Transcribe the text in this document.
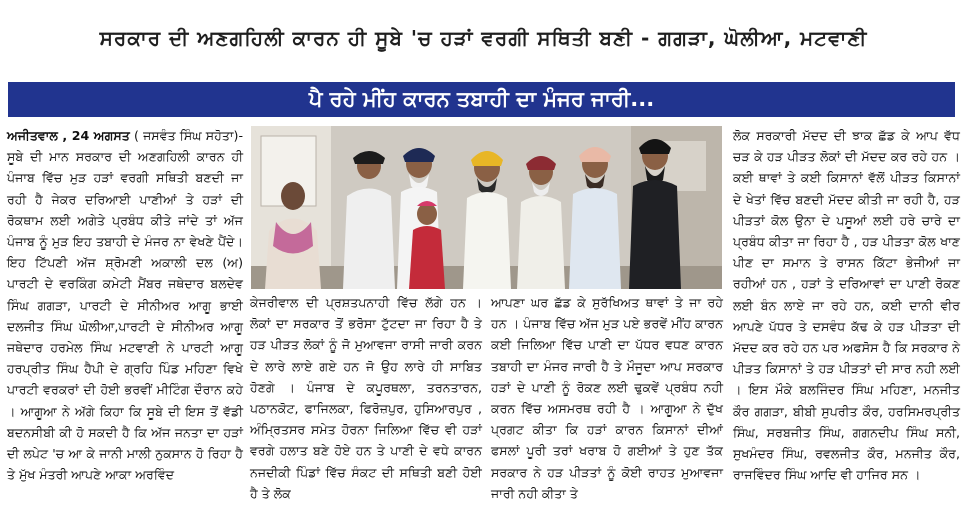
ਸਰਕਾਰ ਦੀ ਅਣਗਹਿਲੀ ਕਾਰਨ ਹੀ ਸੂਬੇ 'ਚ ਹੜਾਂ ਵਰਗੀ ਸਥਿਤੀ ਬਣੀ - ਗਗੜਾ, ਘੋਲੀਆ, ਮਟਵਾਣੀ
ਪੈ ਰਹੇ ਮੀਂਹ ਕਾਰਨ ਤਬਾਹੀ ਦਾ ਮੰਜਰ ਜਾਰੀ...

ਅਜੀਤਵਾਲ , 24 ਅਗਸਤ ( ਜਸਵੰਤ ਸਿੰਘ ਸਹੋਤਾ)- ਸੂਬੇ ਦੀ ਮਾਨ ਸਰਕਾਰ ਦੀ ਅਣਗਹਿਲੀ ਕਾਰਨ ਹੀ ਪੰਜਾਬ ਵਿੱਚ ਮੁੜ ਹੜਾਂ ਵਰਗੀ ਸਥਿਤੀ ਬਣਦੀ ਜਾ ਰਹੀ ਹੈ ਜੇਕਰ ਦਰਿਆਈ ਪਾਣੀਆਂ ਤੇ ਹੜਾਂ ਦੀ ਰੋਕਥਾਮ ਲਈ ਅਗੇਤੇ ਪ੍ਰਬੰਧ ਕੀਤੇ ਜਾਂਦੇ ਤਾਂ ਅੱਜ ਪੰਜਾਬ ਨੂੰ ਮੁੜ ਇਹ ਤਬਾਹੀ ਦੇ ਮੰਜਰ ਨਾ ਵੇਖਣੇ ਪੈਂਦੇ। ਇਹ ਟਿੱਪਣੀ ਅੱਜ ਸ਼੍ਰੋਮਣੀ ਅਕਾਲੀ ਦਲ (ਅ) ਪਾਰਟੀ ਦੇ ਵਰਕਿੰਗ ਕਮੇਟੀ ਮੈਂਬਰ ਜਥੇਦਾਰ ਬਲਦੇਵ ਸਿੰਘ ਗਗੜਾ, ਪਾਰਟੀ ਦੇ ਸੀਨੀਅਰ ਆਗੂ ਭਾਈ ਦਲਜੀਤ ਸਿੰਘ ਘੋਲੀਆ,ਪਾਰਟੀ ਦੇ ਸੀਨੀਅਰ ਆਗੂ ਜਥੇਦਾਰ ਹਰਮੇਲ ਸਿੰਘ ਮਟਵਾਣੀ ਨੇ ਪਾਰਟੀ ਆਗੂ ਹਰਪ੍ਰੀਤ ਸਿੰਘ ਹੈਪੀ ਦੇ ਗ੍ਰਹਿ ਪਿੰਡ ਮਹਿਣਾ ਵਿਖੇ ਪਾਰਟੀ ਵਰਕਰਾਂ ਦੀ ਹੋਈ ਭਰਵੀਂ ਮੀਟਿੰਗ ਦੌਰਾਨ ਕਹੇ । ਆਗੂਆ ਨੇ ਅੱਗੇ ਕਿਹਾ ਕਿ ਸੂਬੇ ਦੀ ਇਸ ਤੋਂ ਵੱਡੀ ਬਦਨਸੀਬੀ ਕੀ ਹੋ ਸਕਦੀ ਹੈ ਕਿ ਅੱਜ ਜਨਤਾ ਦਾ ਹੜਾਂ ਦੀ ਲਪੇਟ 'ਚ ਆ ਕੇ ਜਾਨੀ ਮਾਲੀ ਨੁਕਸਾਨ ਹੋ ਰਿਹਾ ਹੈ ਤੇ ਮੁੱਖ ਮੰਤਰੀ ਆਪਣੇ ਆਕਾ ਅਰਵਿੰਦ

ਕੇਜਰੀਵਾਲ ਦੀ ਪ੍ਰਸ਼ਤਪਨਾਹੀ ਵਿੱਚ ਲੱਗੇ ਹਨ । ਲੋਕਾਂ ਦਾ ਸਰਕਾਰ ਤੋਂ ਭਰੋਸਾ ਟੁੱਟਦਾ ਜਾ ਰਿਹਾ ਹੈ ਤੇ ਹੜ ਪੀੜਤ ਲੋਕਾਂ ਨੂੰ ਜੋ ਮੁਆਵਜਾ ਰਾਸੀ ਜਾਰੀ ਕਰਨ ਦੇ ਲਾਰੇ ਲਾਏ ਗਏ ਹਨ ਜੋ ਉਹ ਲਾਰੇ ਹੀ ਸਾਬਿਤ ਹੋਣਗੇ । ਪੰਜਾਬ ਦੇ ਕਪੂਰਥਲਾ, ਤਰਨਤਾਰਨ, ਪਠਾਨਕੋਟ, ਫਾਜਿਲਕਾ, ਫਿਰੋਜ਼ਪੁਰ, ਹੁਸਿਆਰਪੁਰ , ਅੰਮ੍ਰਿਤਸਰ ਸਮੇਤ ਹੋਰਨਾ ਜਿਲਿਆ ਵਿੱਚ ਵੀ ਹੜਾਂ ਵਰਗੇ ਹਲਾਤ ਬਣੇ ਹੋਏ ਹਨ ਤੇ ਪਾਣੀ ਦੇ ਵਧੇ ਕਾਰਨ ਨਜਦੀਕੀ ਪਿੰਡਾਂ ਵਿੱਚ ਸੰਕਟ ਦੀ ਸਥਿਤੀ ਬਣੀ ਹੋਈ ਹੈ ਤੇ ਲੋਕ

ਆਪਣਾ ਘਰ ਛੱਡ ਕੇ ਸੁਰੱਖਿਅਤ ਥਾਵਾਂ ਤੇ ਜਾ ਰਹੇ ਹਨ । ਪੰਜਾਬ ਵਿੱਚ ਅੱਜ ਮੁੜ ਪਏ ਭਰਵੇਂ ਮੀਂਹ ਕਾਰਨ ਕਈ ਜਿਲਿਆ ਵਿੱਚ ਪਾਣੀ ਦਾ ਪੱਧਰ ਵਧਣ ਕਾਰਨ ਤਬਾਹੀ ਦਾ ਮੰਜਰ ਜਾਰੀ ਹੈ ਤੇ ਮੌਜੂਦਾ ਆਪ ਸਰਕਾਰ ਹੜਾਂ ਦੇ ਪਾਣੀ ਨੂੰ ਰੋਕਣ ਲਈ ਢੁਕਵੇਂ ਪ੍ਰਬੰਧ ਨਹੀ ਕਰਨ ਵਿੱਚ ਅਸਮਰਥ ਰਹੀ ਹੈ । ਆਗੂਆ ਨੇ ਦੁੱਖ ਪ੍ਰਗਟ ਕੀਤਾ ਕਿ ਹੜਾਂ ਕਾਰਨ ਕਿਸਾਨਾਂ ਦੀਆਂ ਫਸਲਾਂ ਪੂਰੀ ਤਰਾਂ ਖਰਾਬ ਹੋ ਗਈਆਂ ਤੇ ਹੁਣ ਤੱਕ ਸਰਕਾਰ ਨੇ ਹੜ ਪੀੜਤਾਂ ਨੂੰ ਕੋਈ ਰਾਹਤ ਮੁਆਵਜਾ ਜਾਰੀ ਨਹੀ ਕੀਤਾ ਤੇ

ਲੋਕ ਸਰਕਾਰੀ ਮੱਦਦ ਦੀ ਝਾਕ ਛੱਡ ਕੇ ਆਪ ਵੱਧ ਚੜ ਕੇ ਹੜ ਪੀੜਤ ਲੋਕਾਂ ਦੀ ਮੱਦਦ ਕਰ ਰਹੇ ਹਨ । ਕਈ ਥਾਵਾਂ ਤੇ ਕਈ ਕਿਸਾਨਾਂ ਵੱਲੋਂ ਪੀੜਤ ਕਿਸਾਨਾਂ ਦੇ ਖੇਤਾਂ ਵਿੱਚ ਬਣਦੀ ਮੱਦਦ ਕੀਤੀ ਜਾ ਰਹੀ ਹੈ, ਹੜ ਪੀੜਤਾਂ ਕੋਲ ਉਨਾ ਦੇ ਪਸੂਆਂ ਲਈ ਹਰੇ ਚਾਰੇ ਦਾ ਪ੍ਰਬੰਧ ਕੀਤਾ ਜਾ ਰਿਹਾ ਹੈ , ਹੜ ਪੀੜਤਾ ਕੋਲ ਖਾਣ ਪੀਣ ਦਾ ਸਮਾਨ ਤੇ ਰਾਸਨ ਕਿੱਟਾ ਭੇਜੀਆਂ ਜਾ ਰਹੀਆਂ ਹਨ , ਹੜਾਂ ਤੇ ਦਰਿਆਵਾਂ ਦਾ ਪਾਣੀ ਰੋਕਣ ਲਈ ਬੰਨ ਲਾਏ ਜਾ ਰਹੇ ਹਨ, ਕਈ ਦਾਨੀ ਵੀਰ ਆਪਣੇ ਪੱਧਰ ਤੇ ਦਸਵੰਧ ਕੱਢ ਕੇ ਹੜ ਪੀੜਤਾ ਦੀ ਮੱਦਦ ਕਰ ਰਹੇ ਹਨ ਪਰ ਅਫਸੋਸ ਹੈ ਕਿ ਸਰਕਾਰ ਨੇ ਪੀੜਤ ਕਿਸਾਨਾਂ ਤੇ ਹੜ ਪੀੜਤਾਂ ਦੀ ਸਾਰ ਨਹੀ ਲਈ । ਇਸ ਮੌਕੇ ਬਲਜਿੰਦਰ ਸਿੰਘ ਮਹਿਣਾ, ਮਨਜੀਤ ਕੌਰ ਗਗੜਾ, ਬੀਬੀ ਸੁਪਰੀਤ ਕੌਰ, ਹਰਸਿਮਰਪ੍ਰੀਤ ਸਿੰਘ, ਸਰਬਜੀਤ ਸਿੰਘ, ਗਗਨਦੀਪ ਸਿੰਘ ਸਨੀ, ਸੁਖਮੰਦਰ ਸਿੰਘ, ਰਵਲਜੀਤ ਕੌਰ, ਮਨਜੀਤ ਕੌਰ, ਰਾਜਵਿੰਦਰ ਸਿੰਘ ਆਦਿ ਵੀ ਹਾਜਿਰ ਸਨ ।
